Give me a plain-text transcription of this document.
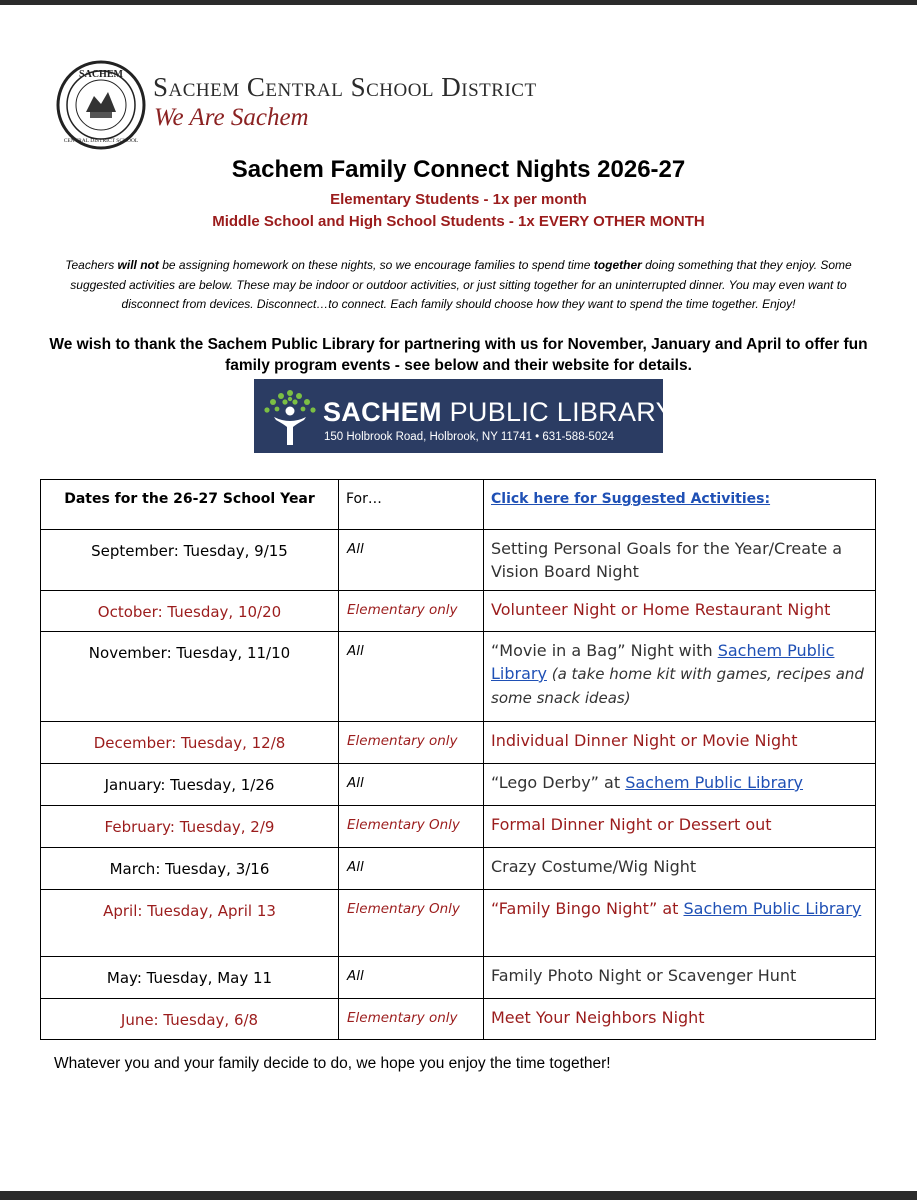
SACHEM
CENTRAL DISTRICT SCHOOL
Sachem Central School District
We Are Sachem
Sachem Family Connect Nights 2026-27
Elementary Students - 1x per month
Middle School and High School Students - 1x EVERY OTHER MONTH
Teachers will not be assigning homework on these nights, so we encourage families to spend time together doing something that they enjoy. Some suggested activities are below. These may be indoor or outdoor activities, or just sitting together for an uninterrupted dinner. You may even want to disconnect from devices. Disconnect…to connect. Each family should choose how they want to spend the time together. Enjoy!
We wish to thank the Sachem Public Library for partnering with us for November, January and April to offer fun family program events - see below and their website for details.
SACHEM PUBLIC LIBRARY
150 Holbrook Road, Holbrook, NY 11741 • 631-588-5024
Dates for the 26-27 School Year	For…	Click here for Suggested Activities:
September: Tuesday, 9/15	All	Setting Personal Goals for the Year/Create a Vision Board Night
October: Tuesday, 10/20	Elementary only	Volunteer Night or Home Restaurant Night
November: Tuesday, 11/10	All	“Movie in a Bag” Night with Sachem Public Library (a take home kit with games, recipes and some snack ideas)
December: Tuesday, 12/8	Elementary only	Individual Dinner Night or Movie Night
January: Tuesday, 1/26	All	“Lego Derby” at Sachem Public Library
February: Tuesday, 2/9	Elementary Only	Formal Dinner Night or Dessert out
March: Tuesday, 3/16	All	Crazy Costume/Wig Night
April: Tuesday, April 13	Elementary Only	“Family Bingo Night” at Sachem Public Library
May: Tuesday, May 11	All	Family Photo Night or Scavenger Hunt
June: Tuesday, 6/8	Elementary only	Meet Your Neighbors Night
Whatever you and your family decide to do, we hope you enjoy the time together!
